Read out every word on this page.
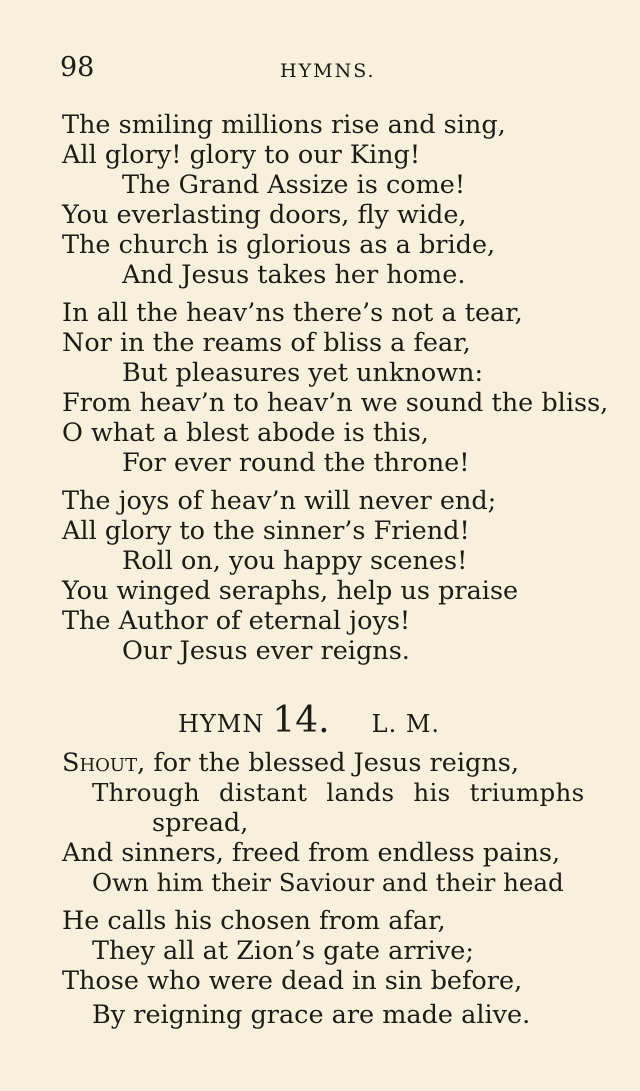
98	HYMNS.
The smiling millions rise and sing,
All glory! glory to our King!
The Grand Assize is come!
You everlasting doors, fly wide,
The church is glorious as a bride,
And Jesus takes her home.
In all the heav’ns there’s not a tear,
Nor in the reams of bliss a fear,
But pleasures yet unknown:
From heav’n to heav’n we sound the bliss,
O what a blest abode is this,
For ever round the throne!
The joys of heav’n will never end;
All glory to the sinner’s Friend!
Roll on, you happy scenes!
You winged seraphs, help us praise
The Author of eternal joys!
Our Jesus ever reigns.
HYMN 14. L. M.
Shout, for the blessed Jesus reigns,
Through distant lands his triumphs
spread,
And sinners, freed from endless pains,
Own him their Saviour and their head
He calls his chosen from afar,
They all at Zion’s gate arrive;
Those who were dead in sin before,
By reigning grace are made alive.
